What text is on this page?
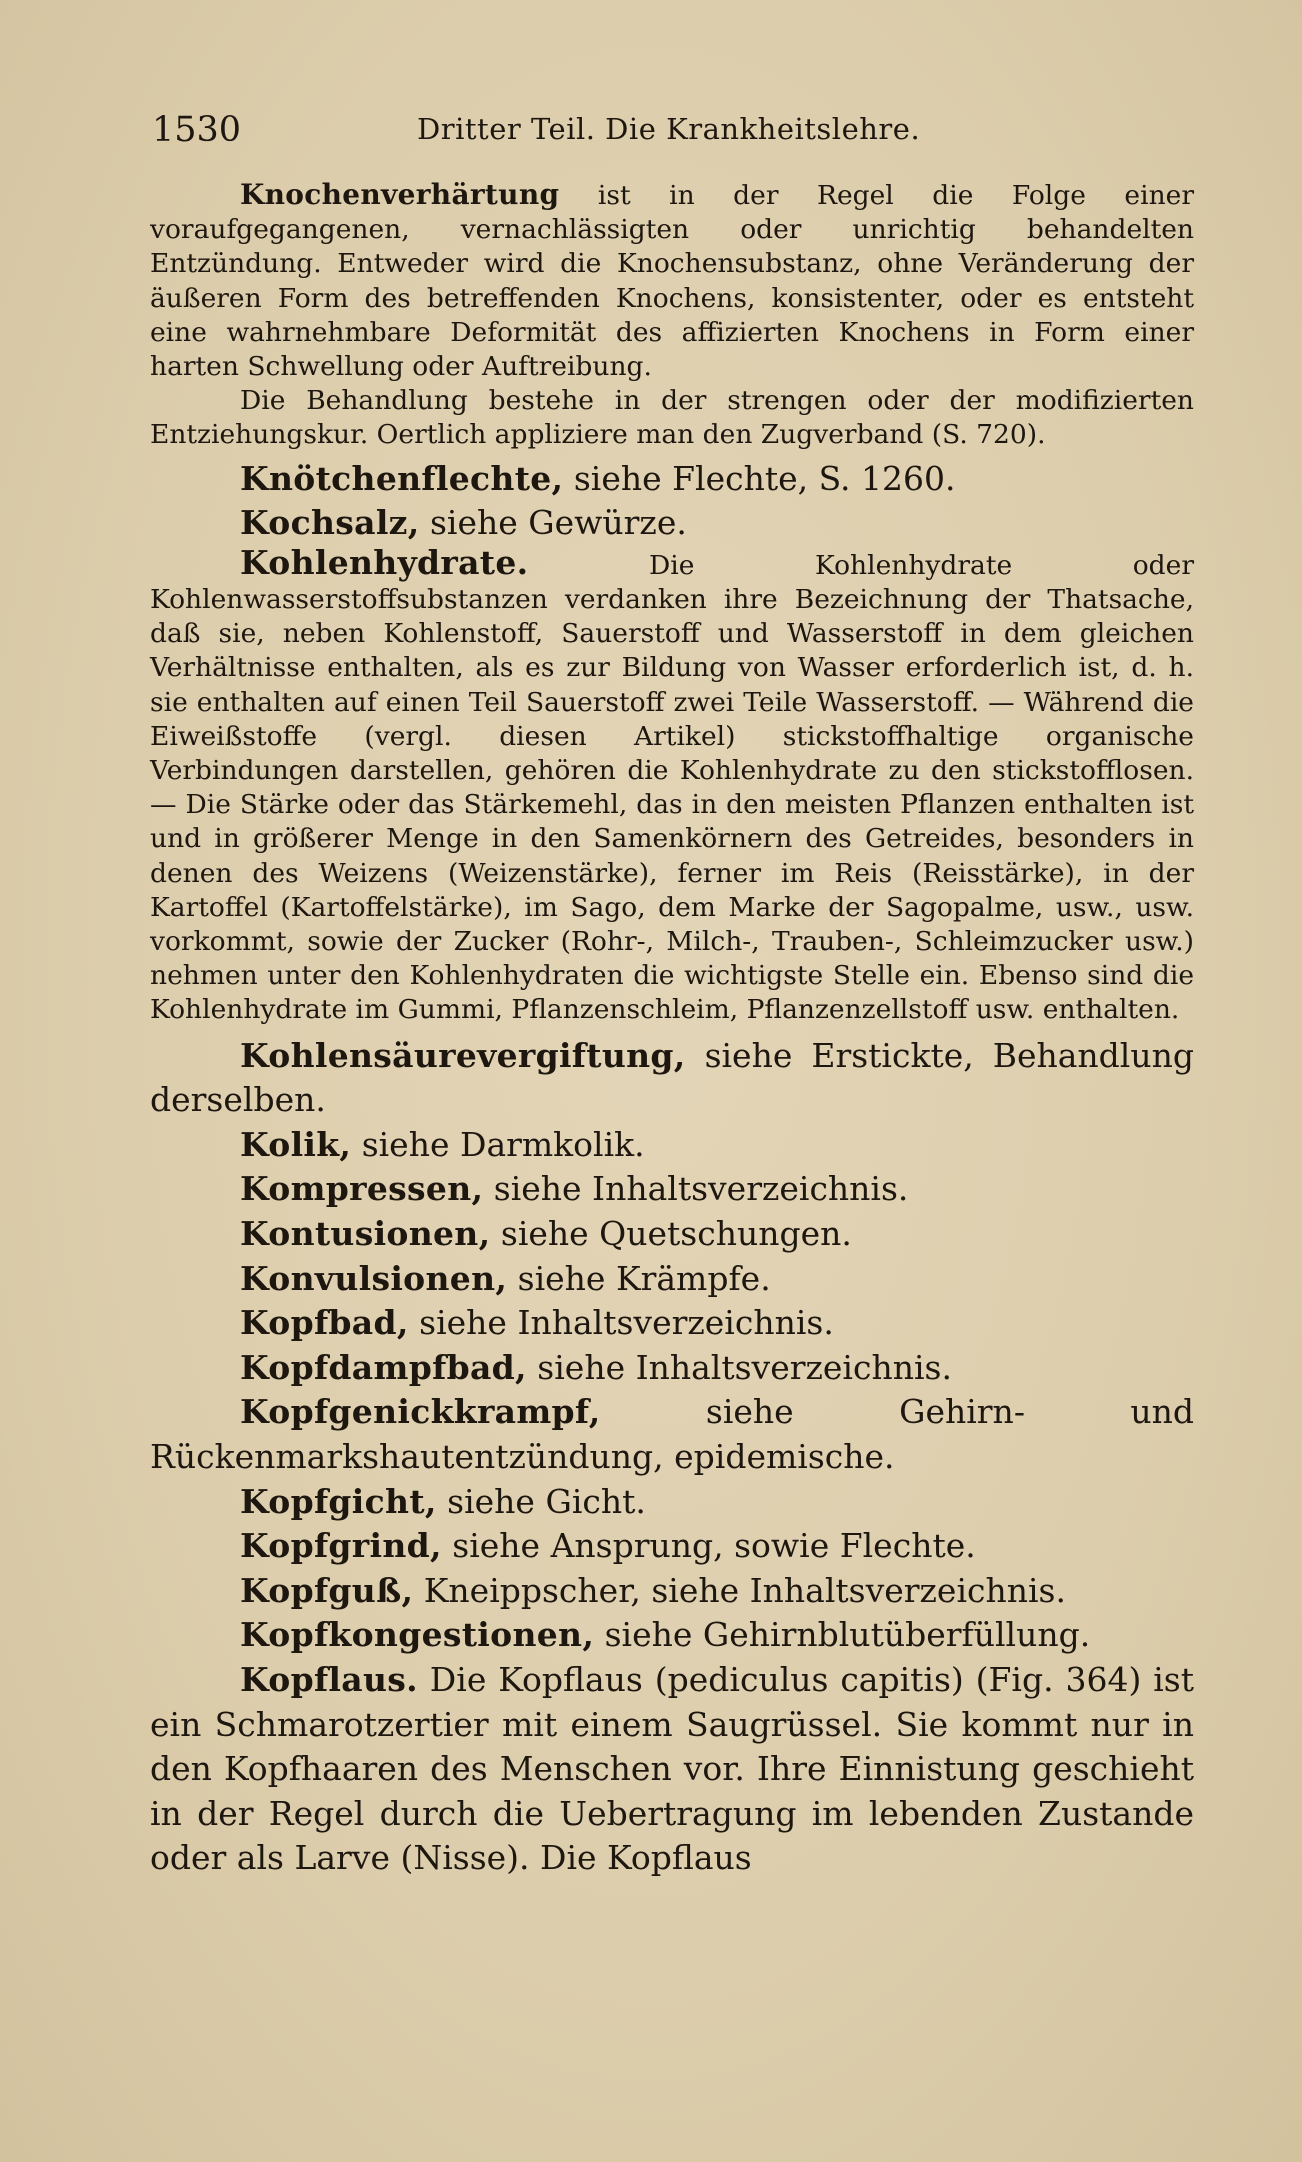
1530	Dritter Teil. Die Krankheitslehre.

Knochenverhärtung ist in der Regel die Folge einer voraufgegangenen, vernachlässigten oder unrichtig behandelten Entzündung. Entweder wird die Knochensubstanz, ohne Veränderung der äußeren Form des betreffenden Knochens, konsistenter, oder es entsteht eine wahrnehmbare Deformität des affizierten Knochens in Form einer harten Schwellung oder Auftreibung.

Die Behandlung bestehe in der strengen oder der modifizierten Entziehungskur. Oertlich appliziere man den Zugverband (S. 720).

Knötchenflechte, siehe Flechte, S. 1260.

Kochsalz, siehe Gewürze.

Kohlenhydrate. Die Kohlenhydrate oder Kohlenwasserstoffsubstanzen verdanken ihre Bezeichnung der Thatsache, daß sie, neben Kohlenstoff, Sauerstoff und Wasserstoff in dem gleichen Verhältnisse enthalten, als es zur Bildung von Wasser erforderlich ist, d. h. sie enthalten auf einen Teil Sauerstoff zwei Teile Wasserstoff. — Während die Eiweißstoffe (vergl. diesen Artikel) stickstoffhaltige organische Verbindungen darstellen, gehören die Kohlenhydrate zu den stickstofflosen. — Die Stärke oder das Stärkemehl, das in den meisten Pflanzen enthalten ist und in größerer Menge in den Samenkörnern des Getreides, besonders in denen des Weizens (Weizenstärke), ferner im Reis (Reisstärke), in der Kartoffel (Kartoffelstärke), im Sago, dem Marke der Sagopalme, usw., usw. vorkommt, sowie der Zucker (Rohr-, Milch-, Trauben-, Schleimzucker usw.) nehmen unter den Kohlenhydraten die wichtigste Stelle ein. Ebenso sind die Kohlenhydrate im Gummi, Pflanzenschleim, Pflanzenzellstoff usw. enthalten.

Kohlensäurevergiftung, siehe Erstickte, Behandlung derselben.

Kolik, siehe Darmkolik.

Kompressen, siehe Inhaltsverzeichnis.

Kontusionen, siehe Quetschungen.

Konvulsionen, siehe Krämpfe.

Kopfbad, siehe Inhaltsverzeichnis.

Kopfdampfbad, siehe Inhaltsverzeichnis.

Kopfgenickkrampf, siehe Gehirn- und Rückenmarkshautentzündung, epidemische.

Kopfgicht, siehe Gicht.

Kopfgrind, siehe Ansprung, sowie Flechte.

Kopfguß, Kneippscher, siehe Inhaltsverzeichnis.

Kopfkongestionen, siehe Gehirnblutüberfüllung.

Kopflaus. Die Kopflaus (pediculus capitis) (Fig. 364) ist ein Schmarotzertier mit einem Saugrüssel. Sie kommt nur in den Kopfhaaren des Menschen vor. Ihre Einnistung geschieht in der Regel durch die Uebertragung im lebenden Zustande oder als Larve (Nisse). Die Kopflaus
